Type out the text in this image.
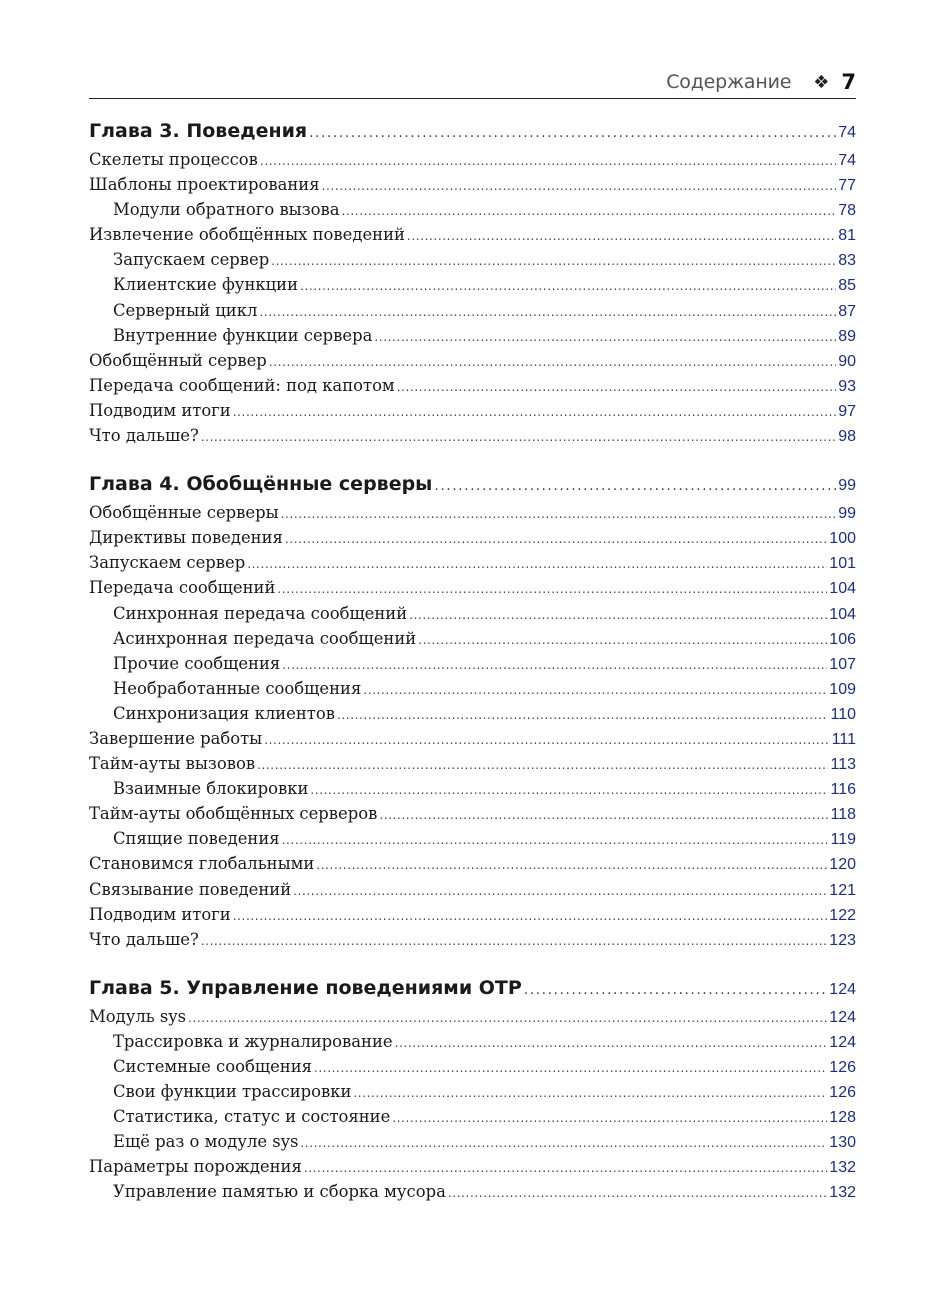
Содержание ❖ 7
Глава 3. Поведения .....	74
Скелеты процессов .....	74
Шаблоны проектирования .....	77
Модули обратного вызова .....	78
Извлечение обобщённых поведений .....	81
Запускаем сервер .....	83
Клиентские функции .....	85
Серверный цикл .....	87
Внутренние функции сервера .....	89
Обобщённый сервер .....	90
Передача сообщений: под капотом .....	93
Подводим итоги .....	97
Что дальше? .....	98
Глава 4. Обобщённые серверы .....	99
Обобщённые серверы .....	99
Директивы поведения .....	100
Запускаем сервер .....	101
Передача сообщений .....	104
Синхронная передача сообщений .....	104
Асинхронная передача сообщений .....	106
Прочие сообщения .....	107
Необработанные сообщения .....	109
Синхронизация клиентов .....	110
Завершение работы .....	111
Тайм-ауты вызовов .....	113
Взаимные блокировки .....	116
Тайм-ауты обобщённых серверов .....	118
Спящие поведения .....	119
Становимся глобальными .....	120
Связывание поведений .....	121
Подводим итоги .....	122
Что дальше? .....	123
Глава 5. Управление поведениями OTP .....	124
Модуль sys .....	124
Трассировка и журналирование .....	124
Системные сообщения .....	126
Свои функции трассировки .....	126
Статистика, статус и состояние .....	128
Ещё раз о модуле sys .....	130
Параметры порождения .....	132
Управление памятью и сборка мусора .....	132
